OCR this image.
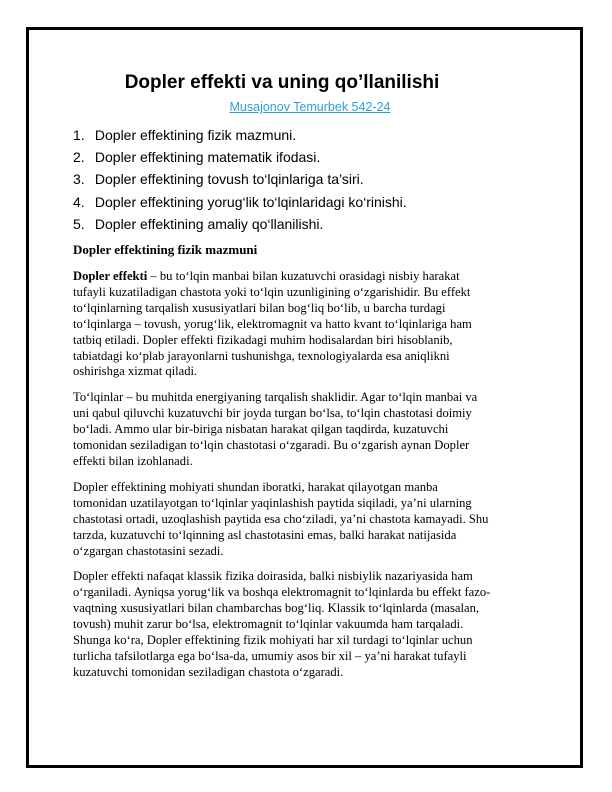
Dopler effekti va uning qo’llanilishi
Musajonov Temurbek 542-24
1. Dopler effektining fizik mazmuni.
2. Dopler effektining matematik ifodasi.
3. Dopler effektining tovush to‘lqinlariga ta’siri.
4. Dopler effektining yorug‘lik to‘lqinlaridagi ko‘rinishi.
5. Dopler effektining amaliy qo‘llanilishi.
Dopler effektining fizik mazmuni

Dopler effekti – bu to‘lqin manbai bilan kuzatuvchi orasidagi nisbiy harakat
tufayli kuzatiladigan chastota yoki to‘lqin uzunligining o‘zgarishidir. Bu effekt
to‘lqinlarning tarqalish xususiyatlari bilan bog‘liq bo‘lib, u barcha turdagi
to‘lqinlarga – tovush, yorug‘lik, elektromagnit va hatto kvant to‘lqinlariga ham
tatbiq etiladi. Dopler effekti fizikadagi muhim hodisalardan biri hisoblanib,
tabiatdagi ko‘plab jarayonlarni tushunishga, texnologiyalarda esa aniqlikni
oshirishga xizmat qiladi.

To‘lqinlar – bu muhitda energiyaning tarqalish shaklidir. Agar to‘lqin manbai va
uni qabul qiluvchi kuzatuvchi bir joyda turgan bo‘lsa, to‘lqin chastotasi doimiy
bo‘ladi. Ammo ular bir-biriga nisbatan harakat qilgan taqdirda, kuzatuvchi
tomonidan seziladigan to‘lqin chastotasi o‘zgaradi. Bu o‘zgarish aynan Dopler
effekti bilan izohlanadi.

Dopler effektining mohiyati shundan iboratki, harakat qilayotgan manba
tomonidan uzatilayotgan to‘lqinlar yaqinlashish paytida siqiladi, ya’ni ularning
chastotasi ortadi, uzoqlashish paytida esa cho‘ziladi, ya’ni chastota kamayadi. Shu
tarzda, kuzatuvchi to‘lqinning asl chastotasini emas, balki harakat natijasida
o‘zgargan chastotasini sezadi.

Dopler effekti nafaqat klassik fizika doirasida, balki nisbiylik nazariyasida ham
o‘rganiladi. Ayniqsa yorug‘lik va boshqa elektromagnit to‘lqinlarda bu effekt fazo-
vaqtning xususiyatlari bilan chambarchas bog‘liq. Klassik to‘lqinlarda (masalan,
tovush) muhit zarur bo‘lsa, elektromagnit to‘lqinlar vakuumda ham tarqaladi.
Shunga ko‘ra, Dopler effektining fizik mohiyati har xil turdagi to‘lqinlar uchun
turlicha tafsilotlarga ega bo‘lsa-da, umumiy asos bir xil – ya’ni harakat tufayli
kuzatuvchi tomonidan seziladigan chastota o‘zgaradi.
